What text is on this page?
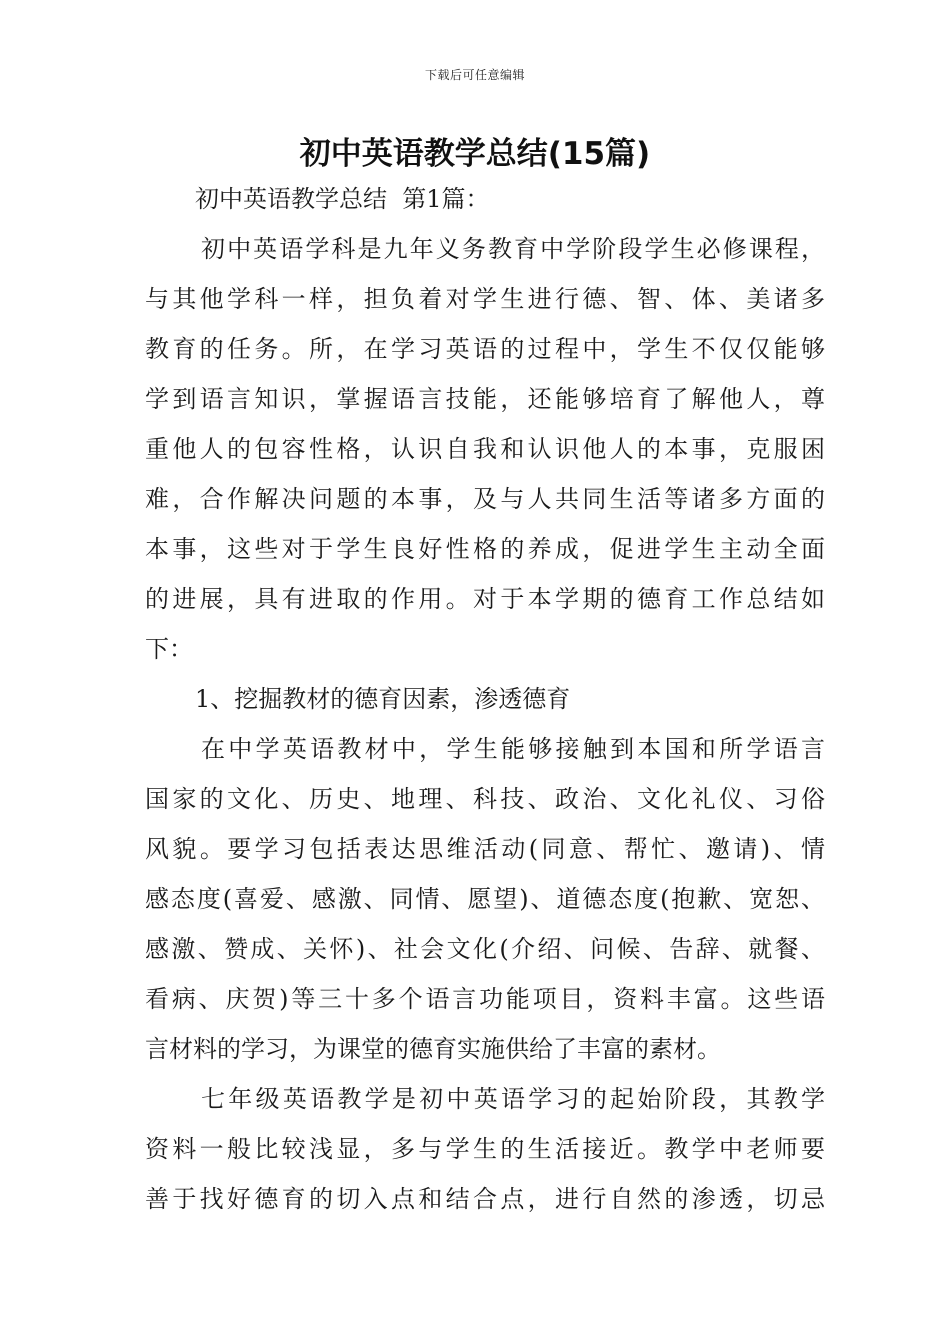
下载后可任意编辑
初中英语教学总结(15篇)
初中英语教学总结  第1篇：
初中英语学科是九年义务教育中学阶段学生必修课程，
与其他学科一样，担负着对学生进行德、智、体、美诸多
教育的任务。所，在学习英语的过程中，学生不仅仅能够
学到语言知识，掌握语言技能，还能够培育了解他人，尊
重他人的包容性格，认识自我和认识他人的本事，克服困
难，合作解决问题的本事，及与人共同生活等诸多方面的
本事，这些对于学生良好性格的养成，促进学生主动全面
的进展，具有进取的作用。对于本学期的德育工作总结如
下：
1、挖掘教材的德育因素，渗透德育
在中学英语教材中，学生能够接触到本国和所学语言
国家的文化、历史、地理、科技、政治、文化礼仪、习俗
风貌。要学习包括表达思维活动(同意、帮忙、邀请)、情
感态度(喜爱、感激、同情、愿望)、道德态度(抱歉、宽恕、
感激、赞成、关怀)、社会文化(介绍、问候、告辞、就餐、
看病、庆贺)等三十多个语言功能项目，资料丰富。这些语
言材料的学习，为课堂的德育实施供给了丰富的素材。
七年级英语教学是初中英语学习的起始阶段，其教学
资料一般比较浅显，多与学生的生活接近。教学中老师要
善于找好德育的切入点和结合点，进行自然的渗透，切忌
